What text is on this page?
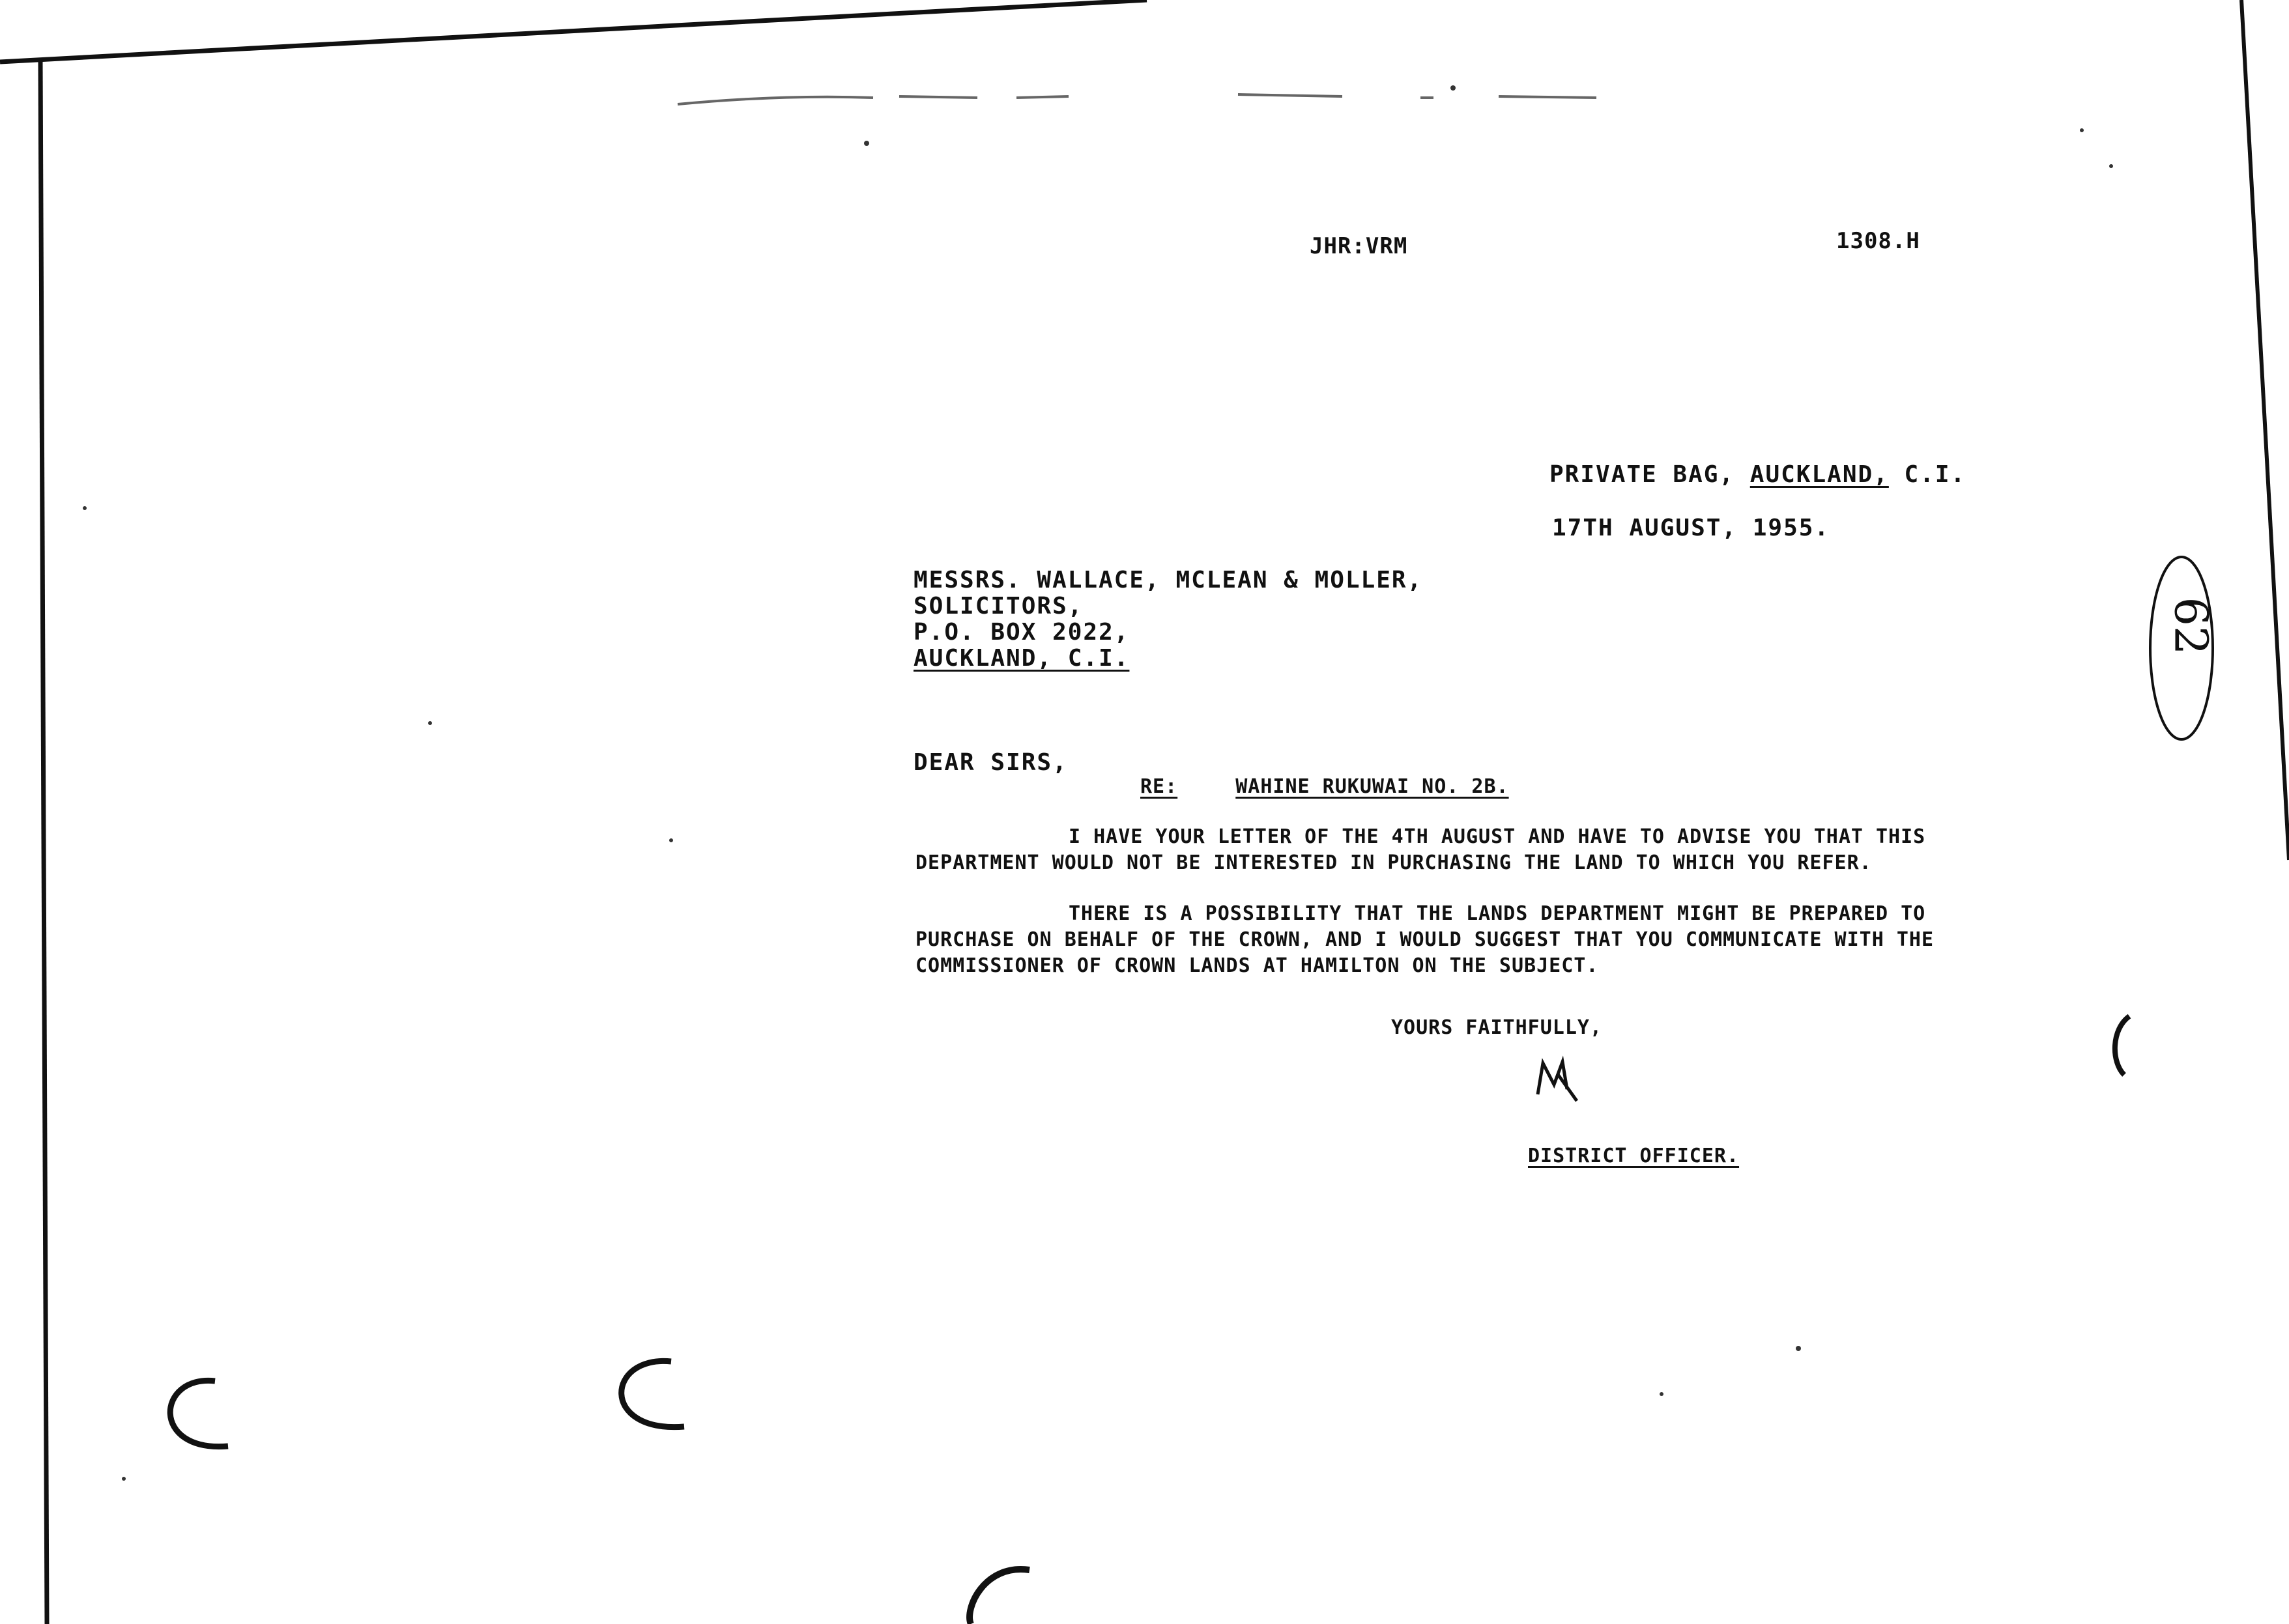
JHR:VRM	1308.H
PRIVATE BAG, AUCKLAND, C.I.
17TH AUGUST, 1955.
MESSRS. WALLACE, MCLEAN & MOLLER,
SOLICITORS,
P.O. BOX 2022,
AUCKLAND, C.I.
DEAR SIRS,
RE:	WAHINE RUKUWAI NO. 2B.
I HAVE YOUR LETTER OF THE 4TH AUGUST AND HAVE TO ADVISE YOU THAT THIS
DEPARTMENT WOULD NOT BE INTERESTED IN PURCHASING THE LAND TO WHICH YOU REFER.
THERE IS A POSSIBILITY THAT THE LANDS DEPARTMENT MIGHT BE PREPARED TO
PURCHASE ON BEHALF OF THE CROWN, AND I WOULD SUGGEST THAT YOU COMMUNICATE WITH THE
COMMISSIONER OF CROWN LANDS AT HAMILTON ON THE SUBJECT.
YOURS FAITHFULLY,
DISTRICT OFFICER.
62
